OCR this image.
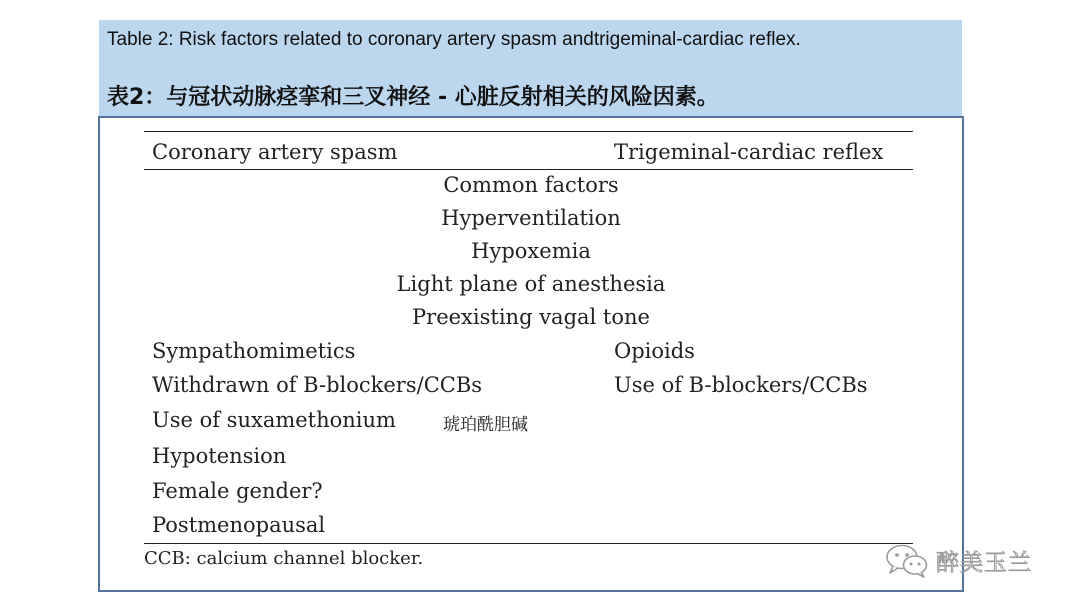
Table 2: Risk factors related to coronary artery spasm andtrigeminal-cardiac reflex.
表2：与冠状动脉痉挛和三叉神经 - 心脏反射相关的风险因素。
Coronary artery spasm	Trigeminal-cardiac reflex
Common factors
Hyperventilation
Hypoxemia
Light plane of anesthesia
Preexisting vagal tone
Sympathomimetics	Opioids
Withdrawn of B-blockers/CCBs	Use of B-blockers/CCBs
Use of suxamethonium	琥珀酰胆碱
Hypotension
Female gender?
Postmenopausal
CCB: calcium channel blocker.	醉美玉兰
